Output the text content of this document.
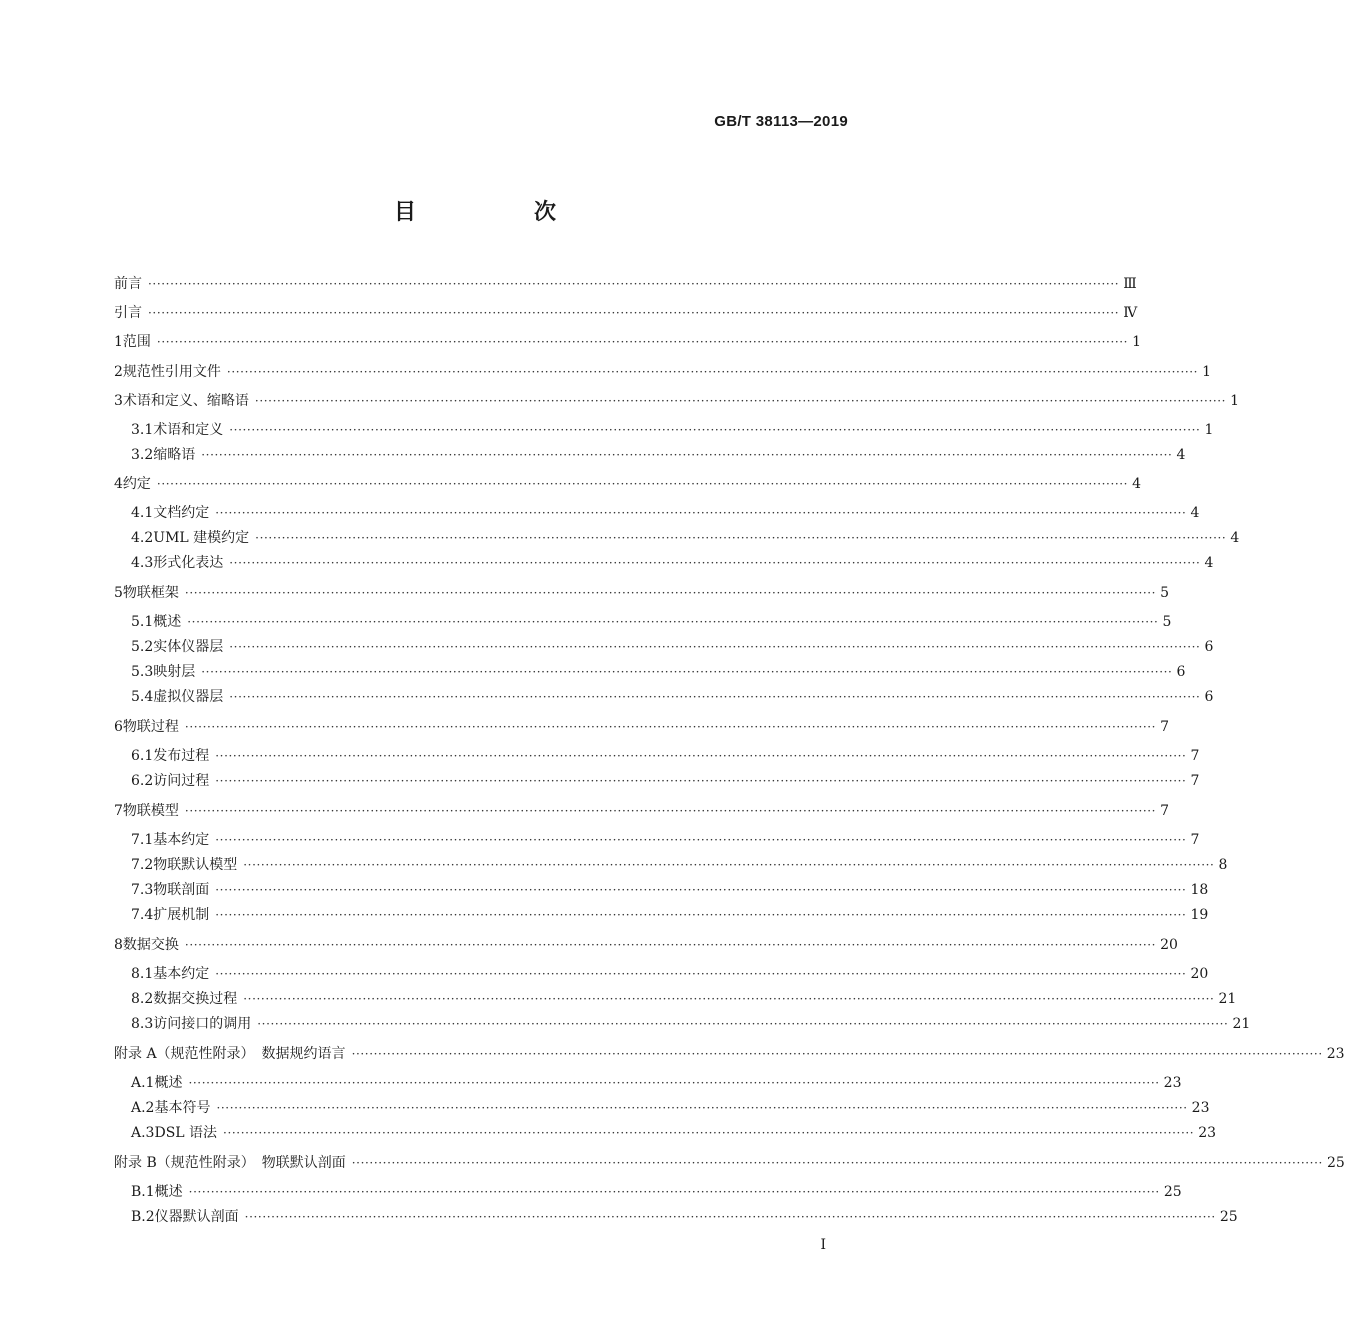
GB/T 38113—2019
目　次
前言 ···························································································································································································································· Ⅲ
引言 ···························································································································································································································· Ⅳ
1 范围 ···························································································································································································································· 1
2 规范性引用文件 ···························································································································································································································· 1
3 术语和定义、缩略语 ···························································································································································································································· 1
3.1 术语和定义 ···························································································································································································································· 1
3.2 缩略语 ···························································································································································································································· 4
4 约定 ···························································································································································································································· 4
4.1 文档约定 ···························································································································································································································· 4
4.2 UML 建模约定 ···························································································································································································································· 4
4.3 形式化表达 ···························································································································································································································· 4
5 物联框架 ···························································································································································································································· 5
5.1 概述 ···························································································································································································································· 5
5.2 实体仪器层 ···························································································································································································································· 6
5.3 映射层 ···························································································································································································································· 6
5.4 虚拟仪器层 ···························································································································································································································· 6
6 物联过程 ···························································································································································································································· 7
6.1 发布过程 ···························································································································································································································· 7
6.2 访问过程 ···························································································································································································································· 7
7 物联模型 ···························································································································································································································· 7
7.1 基本约定 ···························································································································································································································· 7
7.2 物联默认模型 ···························································································································································································································· 8
7.3 物联剖面 ···························································································································································································································· 18
7.4 扩展机制 ···························································································································································································································· 19
8 数据交换 ···························································································································································································································· 20
8.1 基本约定 ···························································································································································································································· 20
8.2 数据交换过程 ···························································································································································································································· 21
8.3 访问接口的调用 ···························································································································································································································· 21
附录 A（规范性附录）　数据规约语言 ···························································································································································································································· 23
A.1 概述 ···························································································································································································································· 23
A.2 基本符号 ···························································································································································································································· 23
A.3 DSL 语法 ···························································································································································································································· 23
附录 B（规范性附录）　物联默认剖面 ···························································································································································································································· 25
B.1 概述 ···························································································································································································································· 25
B.2 仪器默认剖面 ···························································································································································································································· 25
Ⅰ
